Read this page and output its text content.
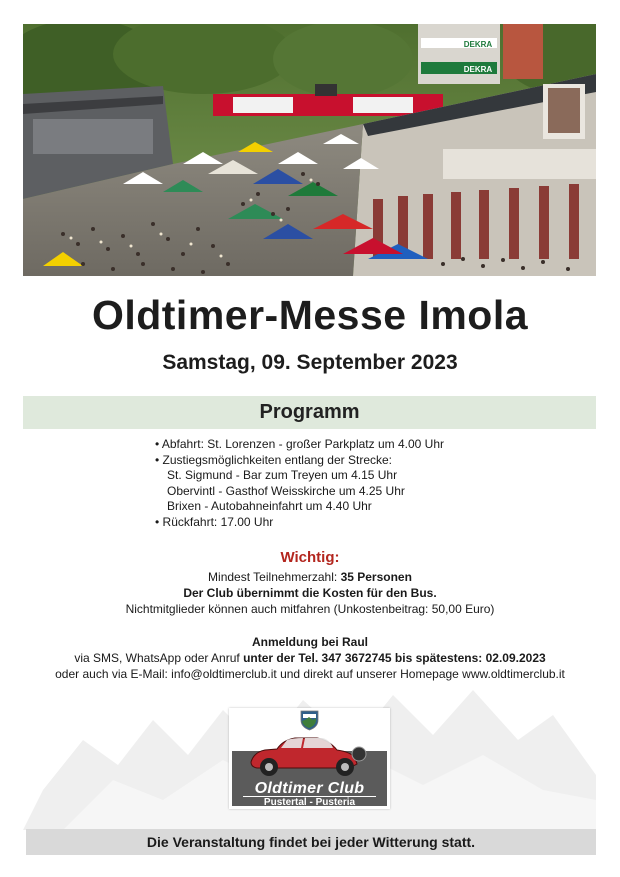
DEKRA
DEKRA
Oldtimer-Messe Imola
Samstag, 09. September 2023
Programm
• Abfahrt: St. Lorenzen - großer Parkplatz um 4.00 Uhr
• Zustiegsmöglichkeiten entlang der Strecke:
St. Sigmund - Bar zum Treyen um 4.15 Uhr
Obervintl - Gasthof Weisskirche um 4.25 Uhr
Brixen - Autobahneinfahrt um 4.40 Uhr
• Rückfahrt: 17.00 Uhr
Wichtig:
Mindest Teilnehmerzahl: 35 Personen
Der Club übernimmt die Kosten für den Bus.
Nichtmitglieder können auch mitfahren (Unkostenbeitrag: 50,00 Euro)
Anmeldung bei Raul
via SMS, WhatsApp oder Anruf unter der Tel. 347 3672745 bis spätestens: 02.09.2023
oder auch via E-Mail: info@oldtimerclub.it und direkt auf unserer Homepage www.oldtimerclub.it
Oldtimer Club
Pustertal - Pusteria
Die Veranstaltung findet bei jeder Witterung statt.
